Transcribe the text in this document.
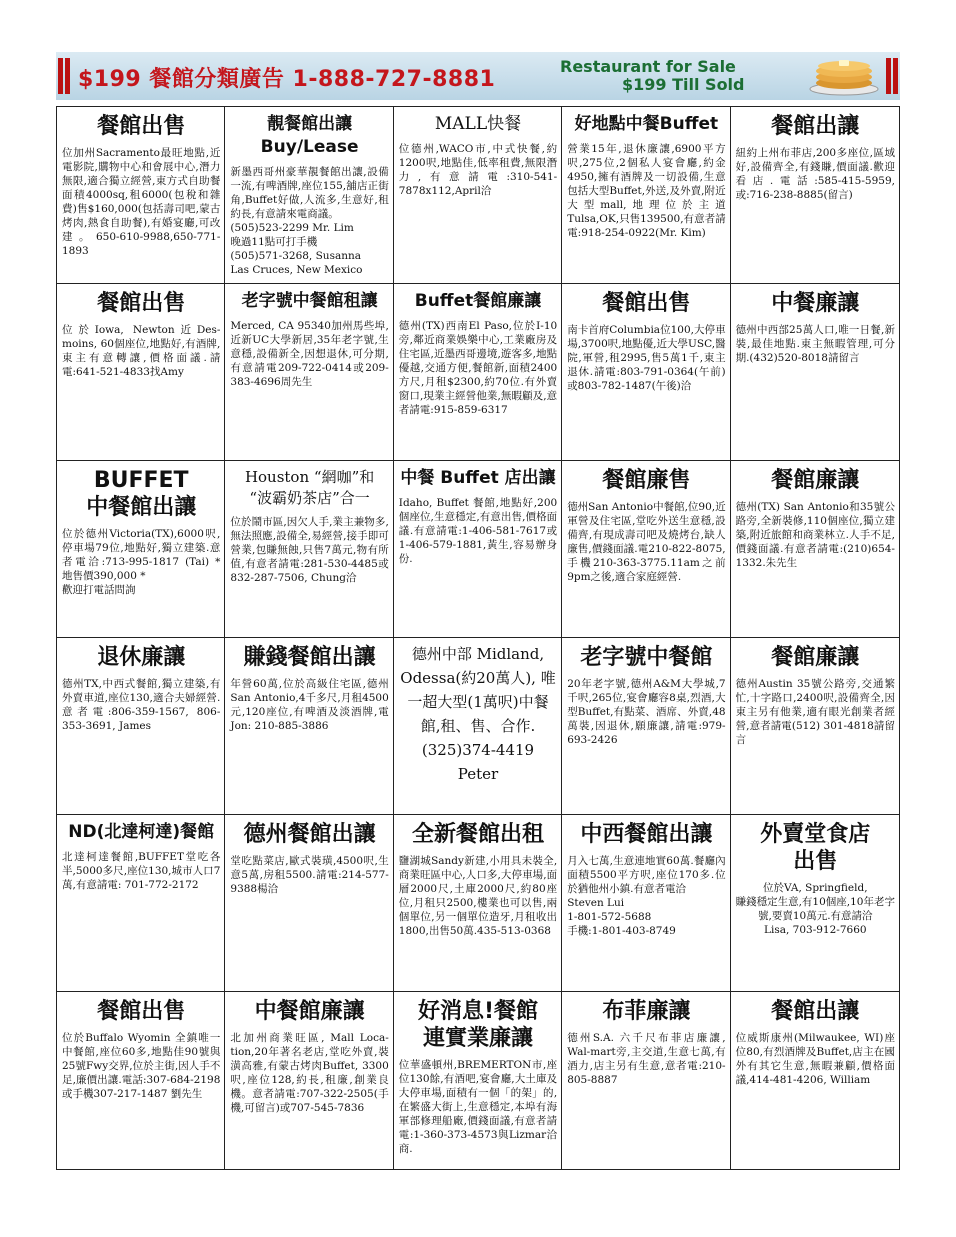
$199 餐館分類廣告 1-888-727-8881
Restaurant for Sale
$199 Till Sold
餐館出售
位加州Sacramento最旺地點,近電影院,購物中心和會展中心,潛力無限,適合獨立經營,東方式自助餐面積4000sq,租6000(包稅和雜費)售$160,000(包括壽司吧,蒙古烤肉,熱食自助餐),有婚宴廳,可改建。650-610-9988,650-771-1893
靚餐館出讓Buy/Lease
新墨西哥州豪華靚餐館出讓,設備一流,有啤酒牌,座位155,舖店正街角,Buffet好做,人流多,生意好,租約長,有意請來電商議。
(505)523-2299 Mr. Lim
晚過11點可打手機
(505)571-3268, Susanna
Las Cruces, New Mexico
MALL快餐
位德州,WACO市,中式快餐,約1200呎,地點佳,低率租費,無限潛力,有意請電:310-541-7878x112,April洽
好地點中餐Buffet
營業15年,退休廉讓,6900平方呎,275位,2個私人宴會廳,約金4950,擁有酒牌及一切設備,生意包括大型Buffet,外送,及外賣,附近大型mall,地理位於主道Tulsa,OK,只售139500,有意者請電:918-254-0922(Mr. Kim)
餐館出讓
紐約上州布菲店,200多座位,區域好,設備齊全,有錢賺,價面議.歡迎看店.電話:585-415-5959,或:716-238-8885(留言)
餐館出售
位於Iowa, Newton近Des-moins, 60個座位,地點好,有酒牌,東主有意轉讓,價格面議.請電:641-521-4833找Amy
老字號中餐館租讓
Merced, CA 95340加州馬些埠,近新UC大學新居,35年老字號,生意穩,設備新全,因想退休,可分期,有意請電209-722-0414或209-383-4696周先生
Buffet餐館廉讓
德州(TX)西南El Paso,位於I-10旁,鄰近商業娛樂中心,工業廠房及住宅區,近墨西哥邊境,遊客多,地點優越,交通方便,餐館新,面積2400方尺,月租$2300,約70位.有外賣窗口,現業主經營他業,無暇顧及,意者請電:915-859-6317
餐館出售
南卡首府Columbia位100,大停車場,3700呎,地點優,近大學USC,醫院,軍營,租2995,售5萬1千,東主退休.請電:803-791-0364(午前)或803-782-1487(午後)洽
中餐廉讓
德州中西部25萬人口,唯一日餐,新裝,最佳地點.東主無暇管理,可分期.(432)520-8018請留言
BUFFET
中餐館出讓
位於德州Victoria(TX),6000呎,停車場79位,地點好,獨立建築.意者電洽:713-995-1817 (Tai) * 地售價390,000 *
歡迎打電話問詢
Houston “網咖”和
“波霸奶茶店”合一
位於鬧市區,因欠人手,業主兼物多,無法照應,設備全,易經營,接手即可營業,包賺無蝕,只售7萬元,物有所值,有意者請電:281-530-4485或832-287-7506, Chung洽
中餐 Buffet 店出讓
Idaho, Buffet 餐館,地點好,200個座位,生意穩定,有意出售,價格面議.有意請電:1-406-581-7617或1-406-579-1881,黃生,容易辦身份.
餐館廉售
德州San Antonio中餐館,位90,近軍營及住宅區,堂吃外送生意穩,設備齊,有現成壽司吧及燒烤台,缺人廉售,價錢面議.電210-822-8075,手機210-363-3775.11am之前9pm之後,適合家庭經營.
餐館廉讓
德州(TX) San Antonio和35號公路旁,全新裝修,110個座位,獨立建築,附近旅館和商業林立.人手不足,價錢面議.有意者請電:(210)654-1332.朱先生
退休廉讓
德州TX,中西式餐館,獨立建築,有外賣車道,座位130,適合夫婦經營.意者電:806-359-1567, 806-353-3691, James
賺錢餐館出讓
年營60萬,位於高級住宅區,德州San Antonio,4千多尺,月租4500元,120座位,有啤酒及淡酒牌,電Jon: 210-885-3886
德州中部 Midland, Odessa(約20萬人), 唯一超大型(1萬呎)中餐館,租、售、合作.
(325)374-4419
Peter
老字號中餐館
20年老字號,德州A&M大學城,7千呎,265位,宴會廳容8桌,烈酒,大型Buffet,有點菜、酒席、外賣,48萬裝,因退休,願廉讓,請電:979-693-2426
餐館廉讓
德州Austin 35號公路旁,交通繁忙,十字路口,2400呎,設備齊全,因東主另有他業,適有眼光創業者經營,意者請電(512) 301-4818請留言
ND(北達柯達)餐館
北達柯達餐館,BUFFET堂吃各半,5000多尺,座位130,城市人口7萬,有意請電: 701-772-2172
德州餐館出讓
堂吃點菜店,歐式裝璜,4500呎,生意5萬,房租5500.請電:214-577-9388楊洽
全新餐館出租
鹽湖城Sandy新建,小用具未裝全,商業旺區中心,人口多,大停車場,面層2000尺,土庫2000尺,約80座位,月租只2500,樓業也可以售,兩個單位,另一個單位造牙,月租收出1800,出售50萬.435-513-0368
中西餐館出讓
月入七萬,生意連地實60萬.餐廳內面積5500平方呎,座位170多.位於猶他州小鎮.有意者電洽
Steven Lui
1-801-572-5688
手機:1-801-403-8749
外賣堂食店
出售
位於VA, Springfield,
賺錢穩定生意,有10個座,10年老字號,要賣10萬元.有意請洽
Lisa, 703-912-7660
餐館出售
位於Buffalo Wyomin 全鎮唯一中餐館,座位60多,地點佳90號與25號Fwy交界,位於主街,因人手不足,廉價出讓.電話:307-684-2198或手機307-217-1487 劉先生
中餐館廉讓
北加州商業旺區, Mall Loca-tion,20年著名老店,堂吃外賣,裝潢高雅,有蒙古烤肉Buffet, 3300呎,座位128,約長,租廉,創業良機。意者請電:707-322-2505(手機,可留言)或707-545-7836
好消息!餐館
連實業廉讓
位華盛頓州,BREMERTON市,座位130餘,有酒吧,宴會廳,大土庫及大停車場,面積有一個「的架」的,在繁盛大街上,生意穩定,本埠有海軍部修理船廠,價錢面議,有意者請電:1-360-373-4573與Lizmar洽商.
布菲廉讓
德州S.A. 六千尺布菲店廉讓, Wal-mart旁,主交道,生意七萬,有酒力,店主另有生意,意者電:210-805-8887
餐館出讓
位威斯康州(Milwaukee, WI)座位80,有烈酒牌及Buffet,店主在國外有其它生意,無暇兼顧,價格面議,414-481-4206, William
